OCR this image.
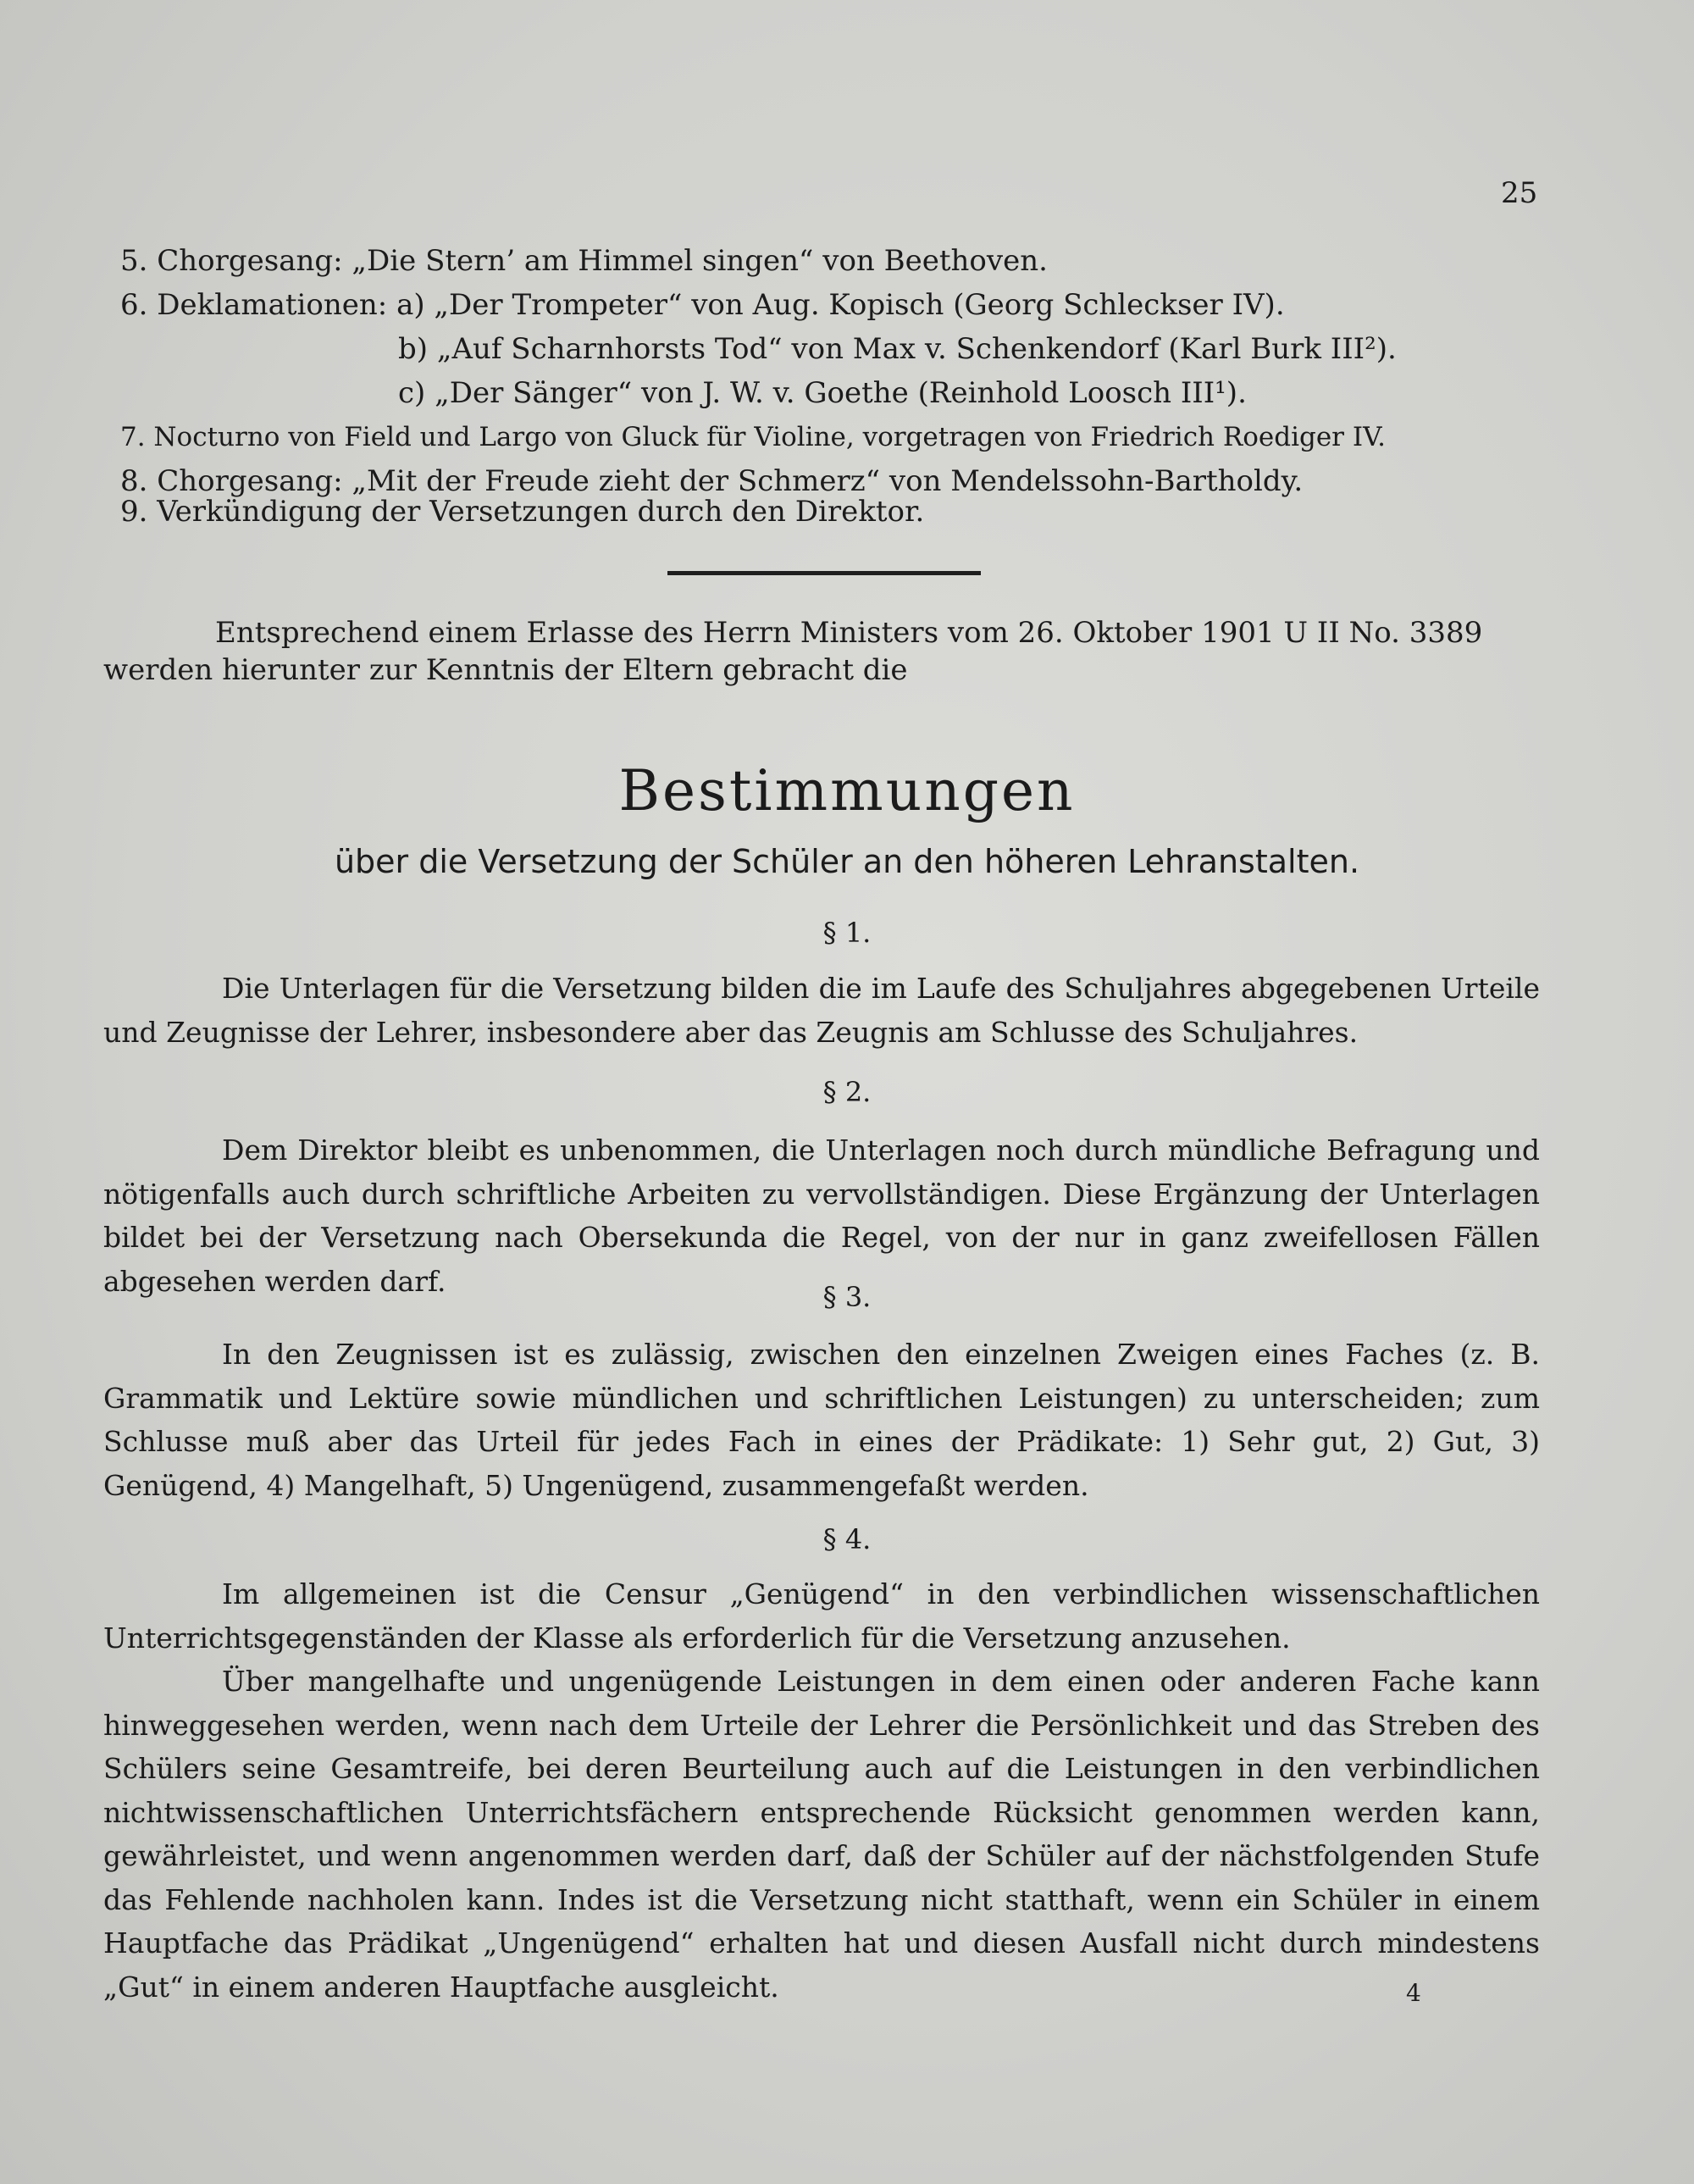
25
5. Chorgesang: „Die Stern’ am Himmel singen“ von Beethoven.
6. Deklamationen: a) „Der Trompeter“ von Aug. Kopisch (Georg Schleckser IV).
b) „Auf Scharnhorsts Tod“ von Max v. Schenkendorf (Karl Burk III²).
c) „Der Sänger“ von J. W. v. Goethe (Reinhold Loosch III¹).
7. Nocturno von Field und Largo von Gluck für Violine, vorgetragen von Friedrich Roediger IV.
8. Chorgesang: „Mit der Freude zieht der Schmerz“ von Mendelssohn-Bartholdy.
9. Verkündigung der Versetzungen durch den Direktor.
Entsprechend einem Erlasse des Herrn Ministers vom 26. Oktober 1901 U II No. 3389
werden hierunter zur Kenntnis der Eltern gebracht die
Bestimmungen
über die Versetzung der Schüler an den höheren Lehranstalten.
§ 1.

Die Unterlagen für die Versetzung bilden die im Laufe des Schuljahres abgegebenen Urteile und Zeugnisse der Lehrer, insbesondere aber das Zeugnis am Schlusse des Schuljahres.

§ 2.

Dem Direktor bleibt es unbenommen, die Unterlagen noch durch mündliche Befragung und nötigenfalls auch durch schriftliche Arbeiten zu vervollständigen. Diese Ergänzung der Unterlagen bildet bei der Versetzung nach Obersekunda die Regel, von der nur in ganz zweifellosen Fällen abgesehen werden darf.	§ 3.

In den Zeugnissen ist es zulässig, zwischen den einzelnen Zweigen eines Faches (z. B. Grammatik und Lektüre sowie mündlichen und schriftlichen Leistungen) zu unterscheiden; zum Schlusse muß aber das Urteil für jedes Fach in eines der Prädikate: 1) Sehr gut, 2) Gut, 3) Genügend, 4) Mangelhaft, 5) Ungenügend, zusammengefaßt werden.

§ 4.

Im allgemeinen ist die Censur „Genügend“ in den verbindlichen wissenschaftlichen Unterrichtsgegenständen der Klasse als erforderlich für die Versetzung anzusehen.

Über mangelhafte und ungenügende Leistungen in dem einen oder anderen Fache kann hinweggesehen werden, wenn nach dem Urteile der Lehrer die Persönlichkeit und das Streben des Schülers seine Gesamtreife, bei deren Beurteilung auch auf die Leistungen in den verbindlichen nichtwissenschaftlichen Unterrichtsfächern entsprechende Rücksicht genommen werden kann, gewährleistet, und wenn angenommen werden darf, daß der Schüler auf der nächstfolgenden Stufe das Fehlende nachholen kann. Indes ist die Versetzung nicht statthaft, wenn ein Schüler in einem Hauptfache das Prädikat „Ungenügend“ erhalten hat und diesen Ausfall nicht durch mindestens „Gut“ in einem anderen Hauptfache ausgleicht.	4
